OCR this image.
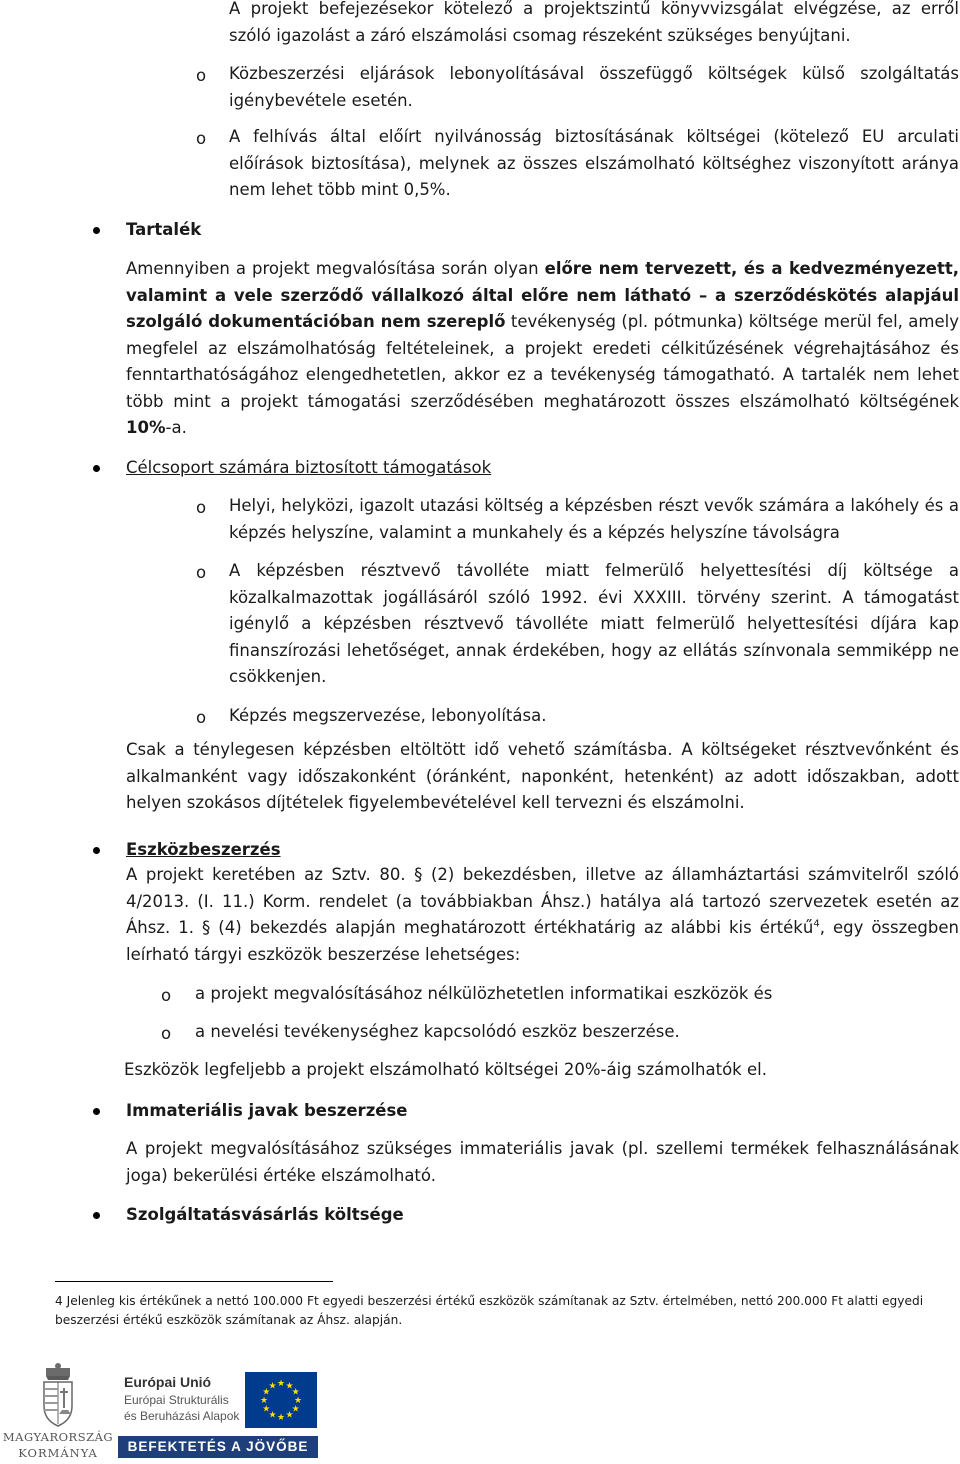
A projekt befejezésekor kötelező a projektszintű könyvvizsgálat elvégzése, az erről szóló igazolást a záró elszámolási csomag részeként szükséges benyújtani.
o Közbeszerzési eljárások lebonyolításával összefüggő költségek külső szolgáltatás igénybevétele esetén.
o A felhívás által előírt nyilvánosság biztosításának költségei (kötelező EU arculati előírások biztosítása), melynek az összes elszámolható költséghez viszonyított aránya nem lehet több mint 0,5%.
Tartalék
Amennyiben a projekt megvalósítása során olyan előre nem tervezett, és a kedvezményezett, valamint a vele szerződő vállalkozó által előre nem látható – a szerződéskötés alapjául szolgáló dokumentációban nem szereplő tevékenység (pl. pótmunka) költsége merül fel, amely megfelel az elszámolhatóság feltételeinek, a projekt eredeti célkitűzésének végrehajtásához és fenntarthatóságához elengedhetetlen, akkor ez a tevékenység támogatható. A tartalék nem lehet több mint a projekt támogatási szerződésében meghatározott összes elszámolható költségének 10%-a.
Célcsoport számára biztosított támogatások
o Helyi, helyközi, igazolt utazási költség a képzésben részt vevők számára a lakóhely és a képzés helyszíne, valamint a munkahely és a képzés helyszíne távolságra
o A képzésben résztvevő távolléte miatt felmerülő helyettesítési díj költsége a közalkalmazottak jogállásáról szóló 1992. évi XXXIII. törvény szerint. A támogatást igénylő a képzésben résztvevő távolléte miatt felmerülő helyettesítési díjára kap finanszírozási lehetőséget, annak érdekében, hogy az ellátás színvonala semmiképp ne csökkenjen.
o Képzés megszervezése, lebonyolítása.
Csak a ténylegesen képzésben eltöltött idő vehető számításba. A költségeket résztvevőnként és alkalmanként vagy időszakonként (óránként, naponként, hetenként) az adott időszakban, adott helyen szokásos díjtételek figyelembevételével kell tervezni és elszámolni.
Eszközbeszerzés
A projekt keretében az Sztv. 80. § (2) bekezdésben, illetve az államháztartási számvitelről szóló 4/2013. (I. 11.) Korm. rendelet (a továbbiakban Áhsz.) hatálya alá tartozó szervezetek esetén az Áhsz. 1. § (4) bekezdés alapján meghatározott értékhatárig az alábbi kis értékű$^4$, egy összegben leírható tárgyi eszközök beszerzése lehetséges:
o a projekt megvalósításához nélkülözhetetlen informatikai eszközök és
o a nevelési tevékenységhez kapcsolódó eszköz beszerzése.
Eszközök legfeljebb a projekt elszámolható költségei 20%-áig számolhatók el.
Immateriális javak beszerzése
A projekt megvalósításához szükséges immateriális javak (pl. szellemi termékek felhasználásának joga) bekerülési értéke elszámolható.
Szolgáltatásvásárlás költsége
4 Jelenleg kis értékűnek a nettó 100.000 Ft egyedi beszerzési értékű eszközök számítanak az Sztv. értelmében, nettó 200.000 Ft alatti egyedi beszerzési értékű eszközök számítanak az Áhsz. alapján.
MAGYARORSZÁG
KORMÁNYA
Európai Unió
Európai Strukturális
és Beruházási Alapok
★ ★
★
★
★
★
★
★
★
★
★
★
BEFEKTETÉS A JÖVŐBE
